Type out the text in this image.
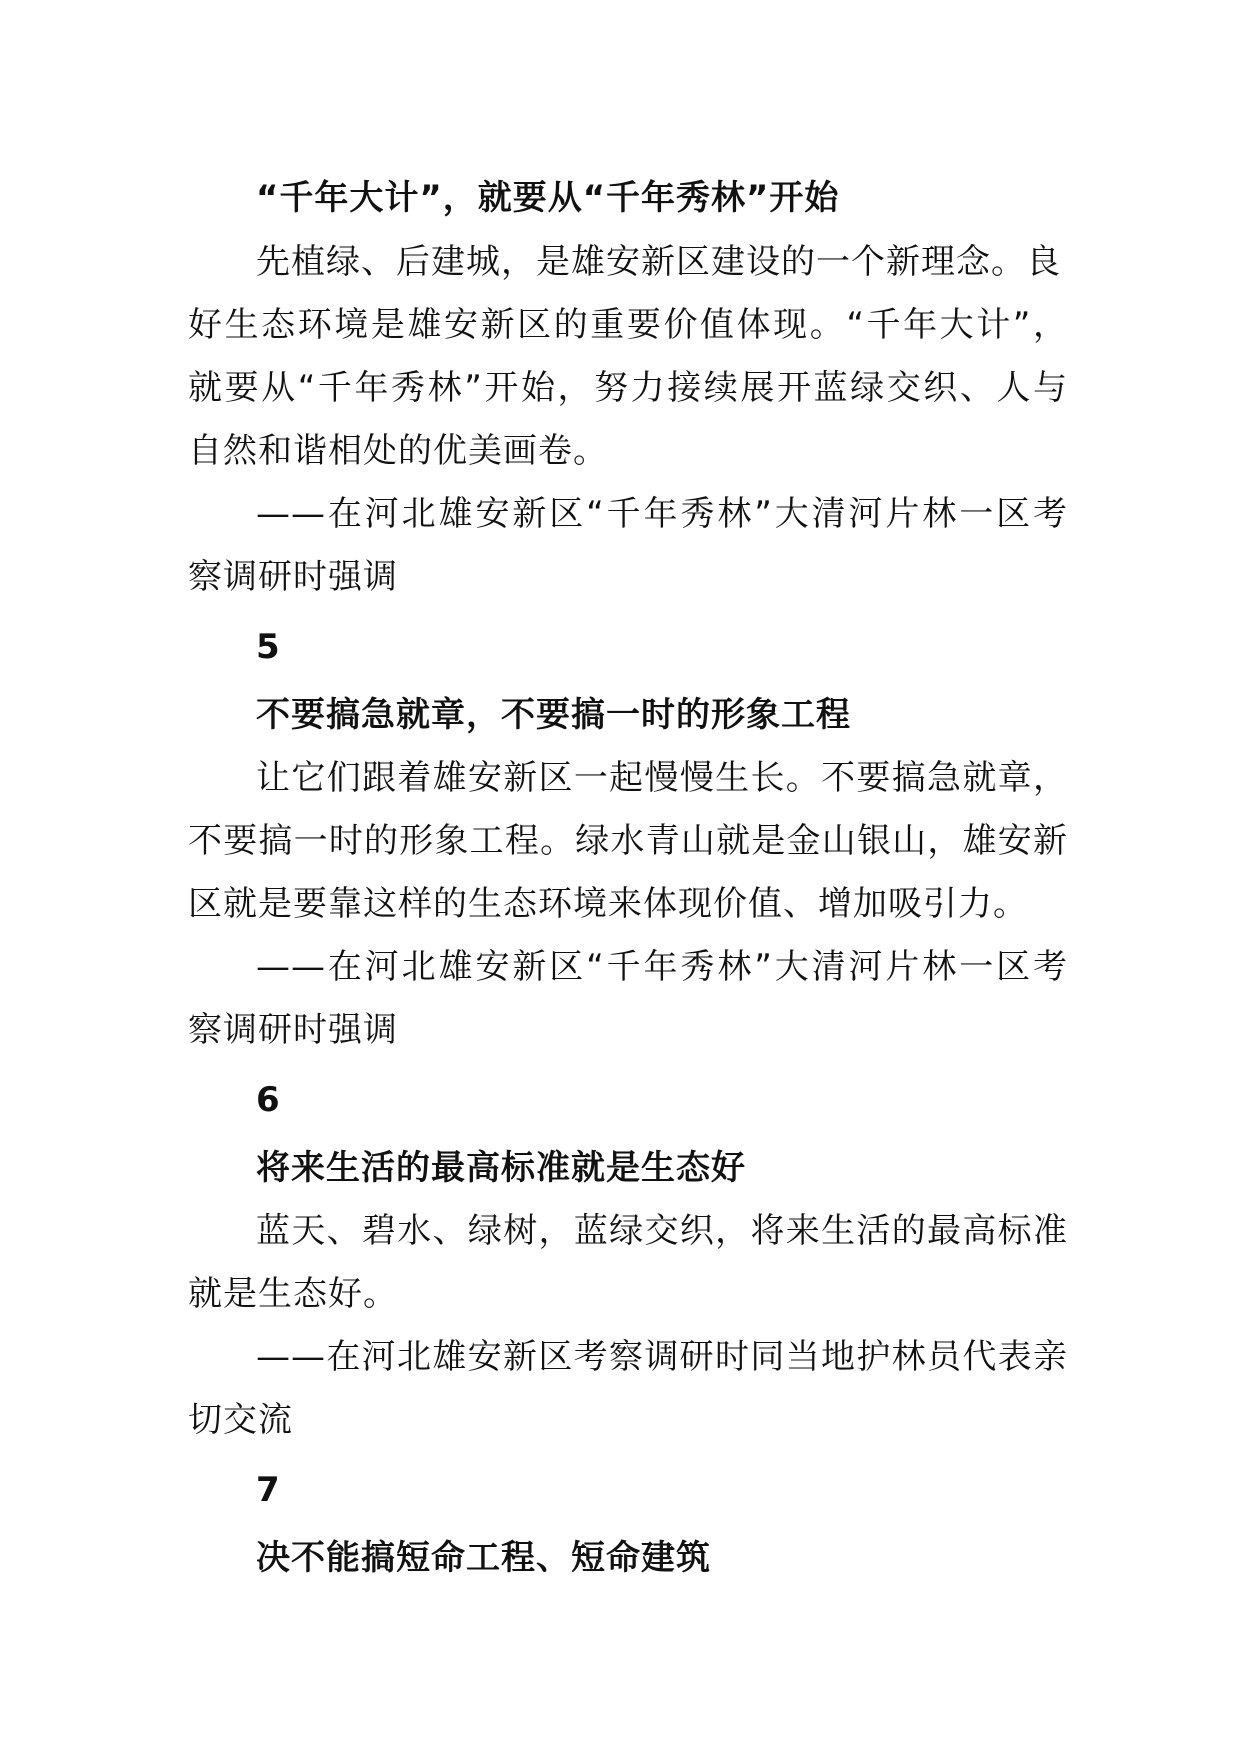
“千年大计”，就要从“千年秀林”开始
先植绿、后建城，是雄安新区建设的一个新理念。良
好生态环境是雄安新区的重要价值体现。“千年大计”，
就要从“千年秀林”开始，努力接续展开蓝绿交织、人与
自然和谐相处的优美画卷。
——在河北雄安新区“千年秀林”大清河片林一区考
察调研时强调
5
不要搞急就章，不要搞一时的形象工程
让它们跟着雄安新区一起慢慢生长。不要搞急就章，
不要搞一时的形象工程。绿水青山就是金山银山，雄安新
区就是要靠这样的生态环境来体现价值、增加吸引力。
——在河北雄安新区“千年秀林”大清河片林一区考
察调研时强调
6
将来生活的最高标准就是生态好
蓝天、碧水、绿树，蓝绿交织，将来生活的最高标准
就是生态好。
——在河北雄安新区考察调研时同当地护林员代表亲
切交流
7
决不能搞短命工程、短命建筑
